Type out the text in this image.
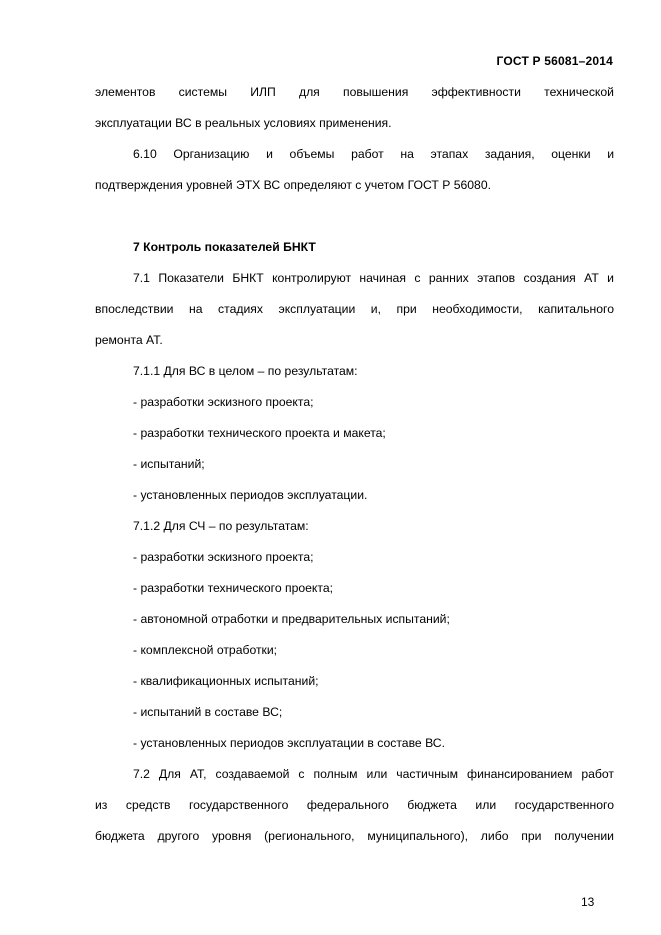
ГОСТ Р 56081–2014

элементов системы ИЛП для повышения эффективности технической

эксплуатации ВС в реальных условиях применения.

6.10 Организацию и объемы работ на этапах задания, оценки и

подтверждения уровней ЭТХ ВС определяют с учетом ГОСТ Р 56080.

7 Контроль показателей БНКТ

7.1 Показатели БНКТ контролируют начиная с ранних этапов создания АТ и

впоследствии на стадиях эксплуатации и, при необходимости, капитального

ремонта АТ.

7.1.1 Для ВС в целом – по результатам:

- разработки эскизного проекта;

- разработки технического проекта и макета;

- испытаний;

- установленных периодов эксплуатации.

7.1.2 Для СЧ – по результатам:

- разработки эскизного проекта;

- разработки технического проекта;

- автономной отработки и предварительных испытаний;

- комплексной отработки;

- квалификационных испытаний;

- испытаний в составе ВС;

- установленных периодов эксплуатации в составе ВС.

7.2 Для АТ, создаваемой с полным или частичным финансированием работ

из средств государственного федерального бюджета или государственного

бюджета другого уровня (регионального, муниципального), либо при получении

13
